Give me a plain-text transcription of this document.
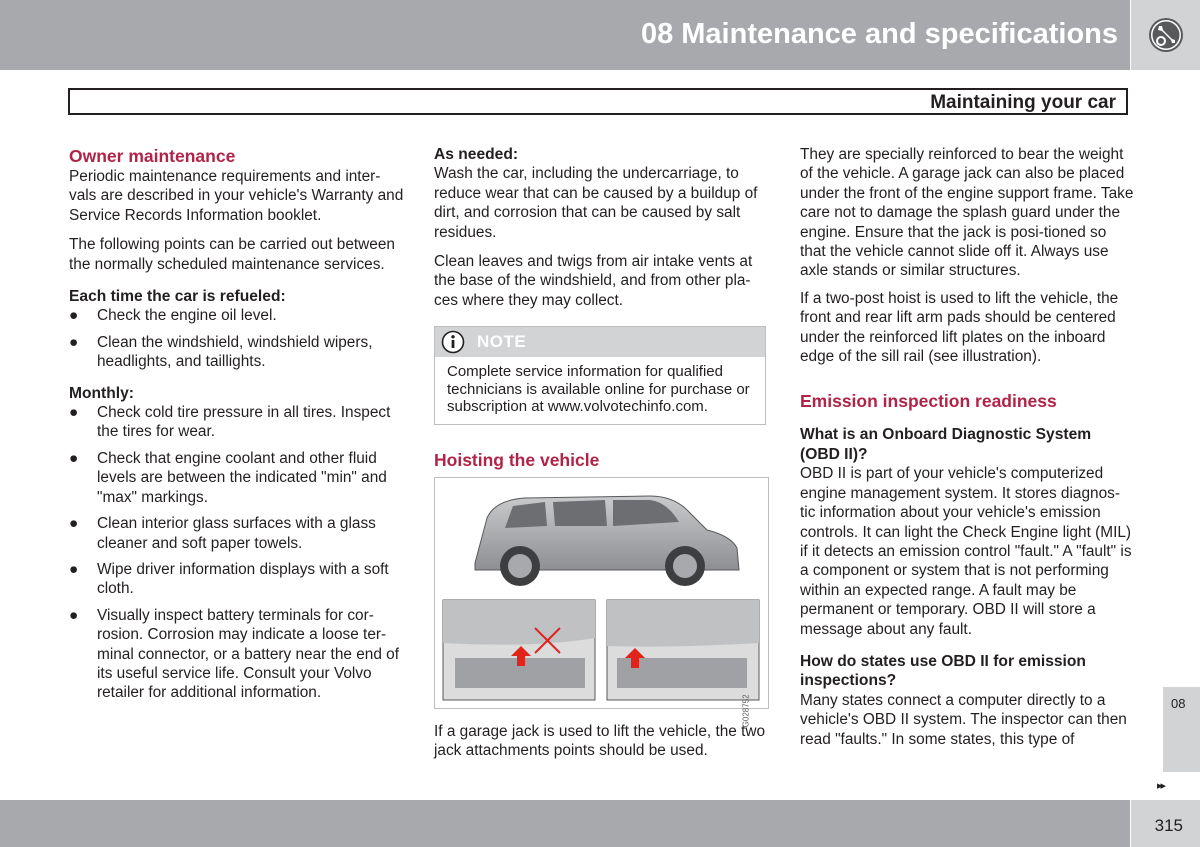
08 Maintenance and specifications
Maintaining your car
Owner maintenance

Periodic maintenance requirements and inter-vals are described in your vehicle's Warranty and Service Records Information booklet.

The following points can be carried out between the normally scheduled maintenance services.

Each time the car is refueled:
● Check the engine oil level.
● Clean the windshield, windshield wipers, headlights, and taillights.
Monthly:
● Check cold tire pressure in all tires. Inspect the tires for wear.
● Check that engine coolant and other fluid levels are between the indicated "min" and "max" markings.
● Clean interior glass surfaces with a glass cleaner and soft paper towels.
● Wipe driver information displays with a soft cloth.
● Visually inspect battery terminals for cor-rosion. Corrosion may indicate a loose ter-minal connector, or a battery near the end of its useful service life. Consult your Volvo retailer for additional information.
As needed:

Wash the car, including the undercarriage, to reduce wear that can be caused by a buildup of dirt, and corrosion that can be caused by salt residues.

Clean leaves and twigs from air intake vents at the base of the windshield, and from other pla-ces where they may collect.

NOTE
Complete service information for qualified technicians is available online for purchase or subscription at www.volvotechinfo.com.
Hoisting the vehicle
G028752

If a garage jack is used to lift the vehicle, the two jack attachments points should be used.

They are specially reinforced to bear the weight of the vehicle. A garage jack can also be placed under the front of the engine support frame. Take care not to damage the splash guard under the engine. Ensure that the jack is posi-tioned so that the vehicle cannot slide off it. Always use axle stands or similar structures.

If a two-post hoist is used to lift the vehicle, the front and rear lift arm pads should be centered under the reinforced lift plates on the inboard edge of the sill rail (see illustration).

Emission inspection readiness
What is an Onboard Diagnostic System (OBD II)?

OBD II is part of your vehicle's computerized engine management system. It stores diagnos-tic information about your vehicle's emission controls. It can light the Check Engine light (MIL) if it detects an emission control "fault." A "fault" is a component or system that is not performing within an expected range. A fault may be permanent or temporary. OBD II will store a message about any fault.

How do states use OBD II for emission inspections?

Many states connect a computer directly to a vehicle's OBD II system. The inspector can then read "faults." In some states, this type of

08
▸▸
315
